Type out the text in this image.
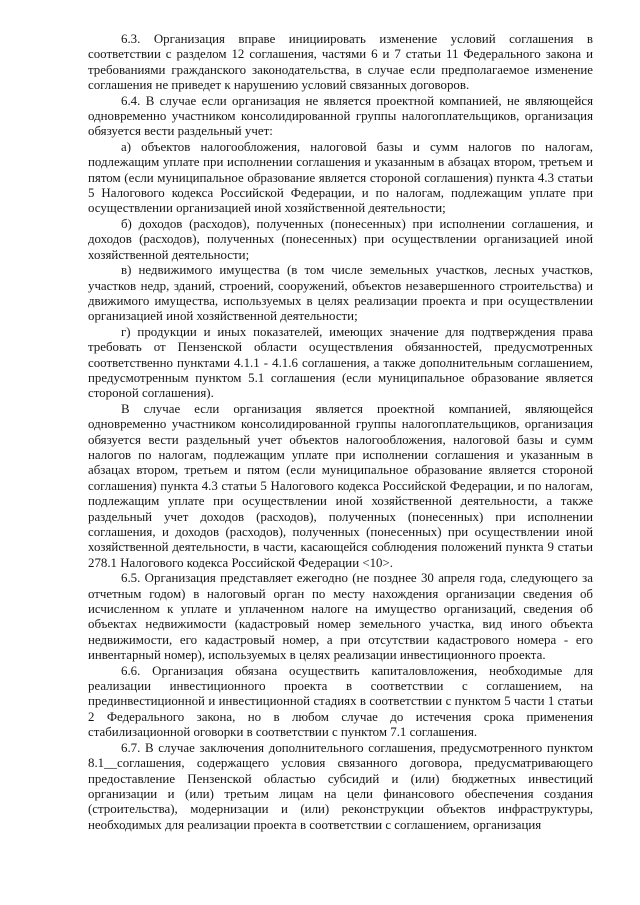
6.3. Организация вправе инициировать изменение условий соглашения в соответствии с разделом 12 соглашения, частями 6 и 7 статьи 11 Федерального закона и требованиями гражданского законодательства, в случае если предполагаемое изменение соглашения не приведет к нарушению условий связанных договоров.

6.4. В случае если организация не является проектной компанией, не являющейся одновременно участником консолидированной группы налогоплательщиков, организация обязуется вести раздельный учет:

а) объектов налогообложения, налоговой базы и сумм налогов по налогам, подлежащим уплате при исполнении соглашения и указанным в абзацах втором, третьем и пятом (если муниципальное образование является стороной соглашения) пункта 4.3 статьи 5 Налогового кодекса Российской Федерации, и по налогам, подлежащим уплате при осуществлении организацией иной хозяйственной деятельности;

б) доходов (расходов), полученных (понесенных) при исполнении соглашения, и доходов (расходов), полученных (понесенных) при осуществлении организацией иной хозяйственной деятельности;

в) недвижимого имущества (в том числе земельных участков, лесных участков, участков недр, зданий, строений, сооружений, объектов незавершенного строительства) и движимого имущества, используемых в целях реализации проекта и при осуществлении организацией иной хозяйственной деятельности;

г) продукции и иных показателей, имеющих значение для подтверждения права требовать от Пензенской области осуществления обязанностей, предусмотренных соответственно пунктами 4.1.1 - 4.1.6 соглашения, а также дополнительным соглашением, предусмотренным пунктом 5.1 соглашения (если муниципальное образование является стороной соглашения).

В случае если организация является проектной компанией, являющейся одновременно участником консолидированной группы налогоплательщиков, организация обязуется вести раздельный учет объектов налогообложения, налоговой базы и сумм налогов по налогам, подлежащим уплате при исполнении соглашения и указанным в абзацах втором, третьем и пятом (если муниципальное образование является стороной соглашения) пункта 4.3 статьи 5 Налогового кодекса Российской Федерации, и по налогам, подлежащим уплате при осуществлении иной хозяйственной деятельности, а также раздельный учет доходов (расходов), полученных (понесенных) при исполнении соглашения, и доходов (расходов), полученных (понесенных) при осуществлении иной хозяйственной деятельности, в части, касающейся соблюдения положений пункта 9 статьи 278.1 Налогового кодекса Российской Федерации <10>.

6.5. Организация представляет ежегодно (не позднее 30 апреля года, следующего за отчетным годом) в налоговый орган по месту нахождения организации сведения об исчисленном к уплате и уплаченном налоге на имущество организаций, сведения об объектах недвижимости (кадастровый номер земельного участка, вид иного объекта недвижимости, его кадастровый номер, а при отсутствии кадастрового номера - его инвентарный номер), используемых в целях реализации инвестиционного проекта.

6.6. Организация обязана осуществить капиталовложения, необходимые для реализации инвестиционного проекта в соответствии с соглашением, на прединвестиционной и инвестиционной стадиях в соответствии с пунктом 5 части 1 статьи 2 Федерального закона, но в любом случае до истечения срока применения стабилизационной оговорки в соответствии с пунктом 7.1 соглашения.

6.7. В случае заключения дополнительного соглашения, предусмотренного пунктом 8.1__соглашения, содержащего условия связанного договора, предусматривающего предоставление Пензенской областью субсидий и (или) бюджетных инвестиций организации и (или) третьим лицам на цели финансового обеспечения создания (строительства), модернизации и (или) реконструкции объектов инфраструктуры, необходимых для реализации проекта в соответствии с соглашением, организация
